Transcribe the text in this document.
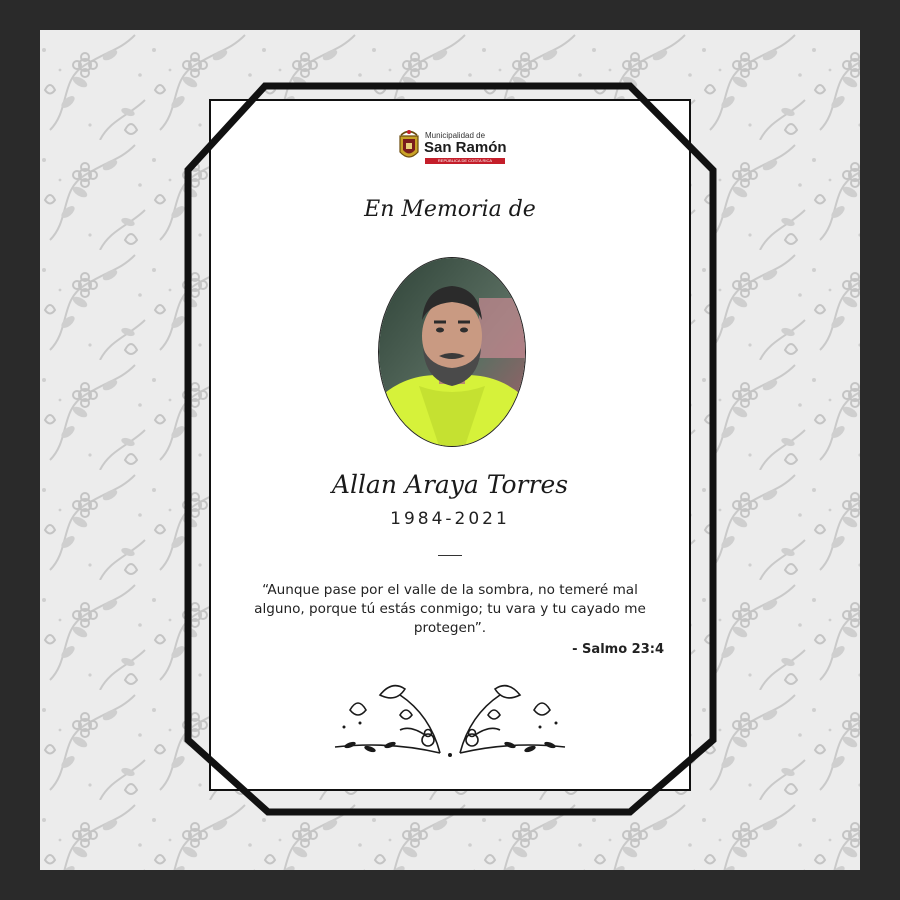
Municipalidad de
San Ramón
REPÚBLICA DE COSTA RICA
En Memoria de
Allan Araya Torres
1984-2021
“Aunque pase por el valle de la sombra, no temeré mal alguno, porque tú estás conmigo; tu vara y tu cayado me protegen”.
- Salmo 23:4
